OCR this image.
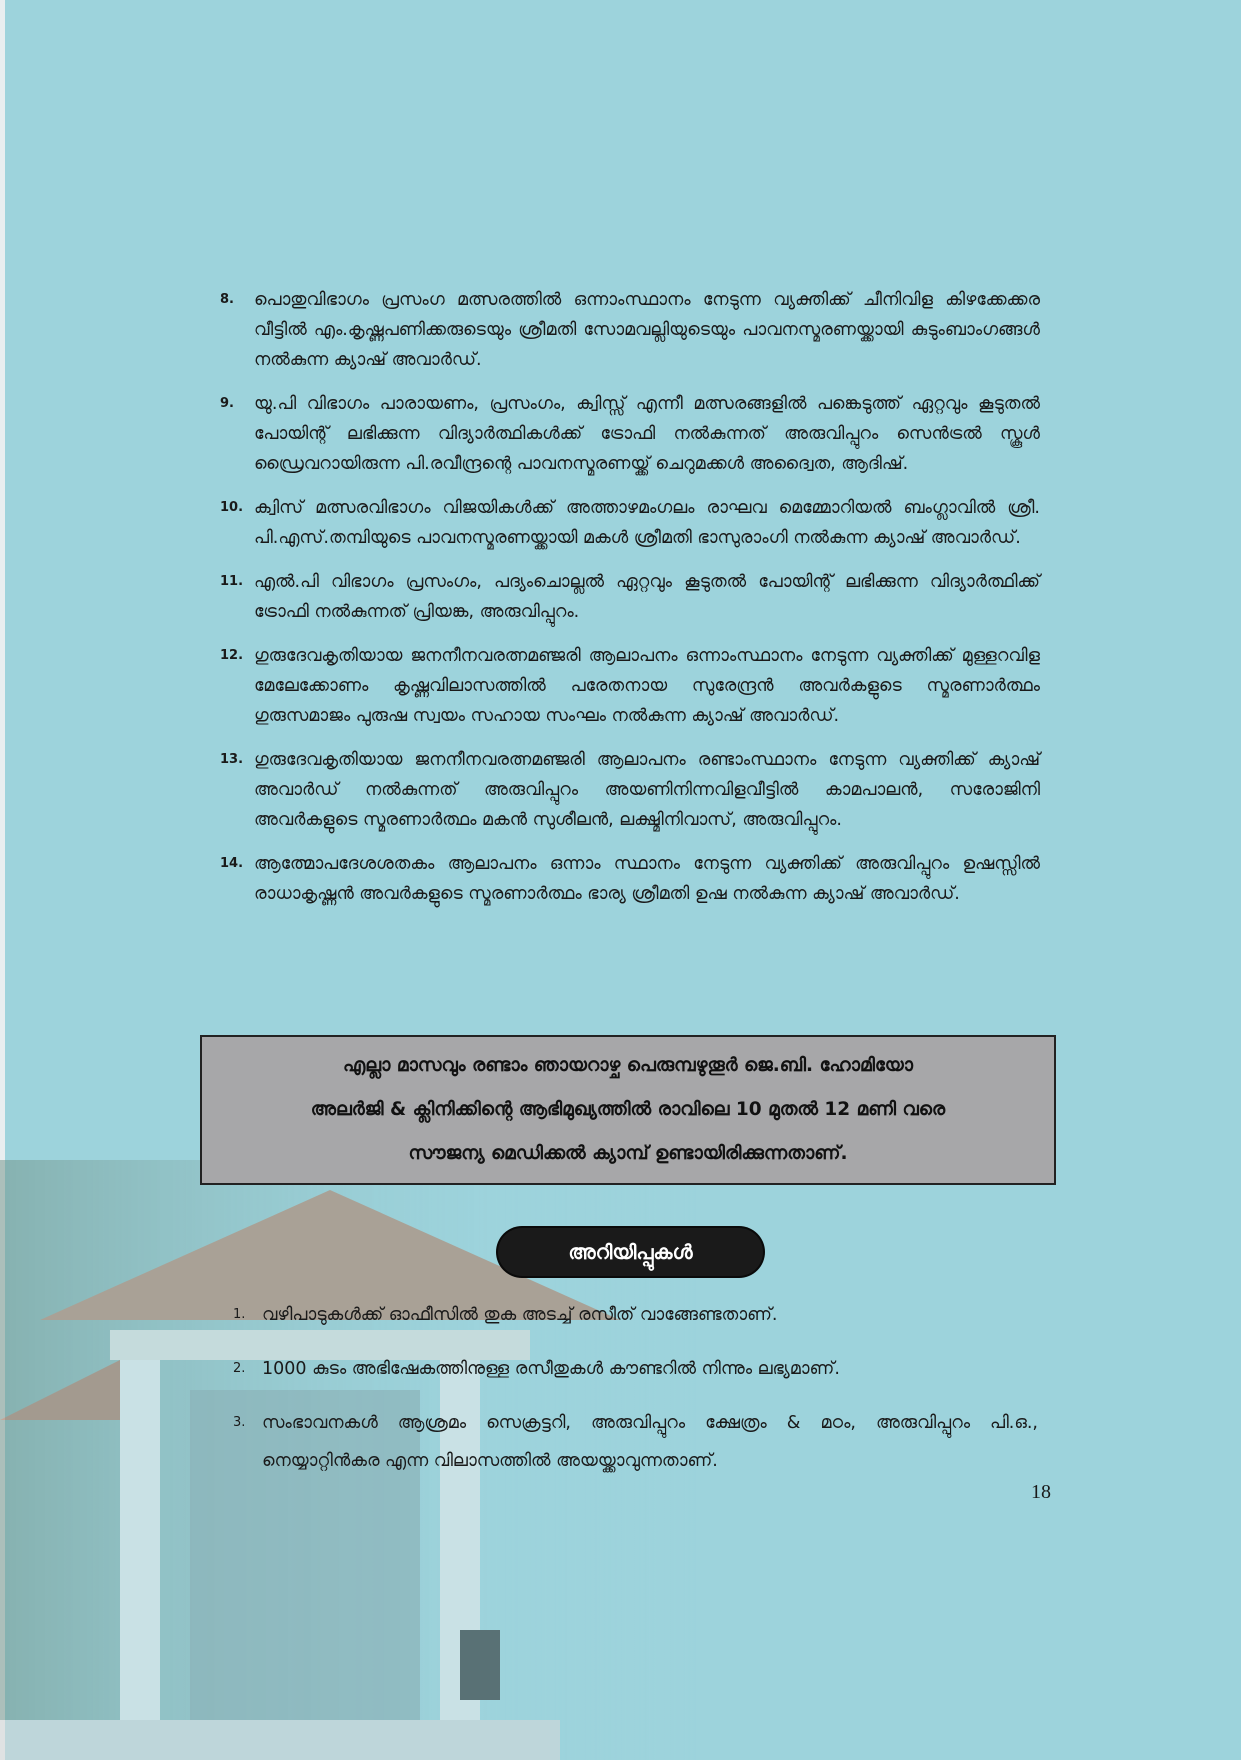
8. പൊതുവിഭാഗം പ്രസംഗ മത്സരത്തിൽ ഒന്നാംസ്ഥാനം നേടുന്ന വ്യക്തിക്ക് ചീനിവിള കിഴക്കേക്കര വീട്ടിൽ എം.കൃഷ്ണപണിക്കരുടെയും ശ്രീമതി സോമവല്ലിയുടെയും പാവനസ്മരണയ്ക്കായി കുടുംബാംഗങ്ങൾ നൽകുന്ന ക്യാഷ് അവാർഡ്.
9. യു.പി വിഭാഗം പാരായണം, പ്രസംഗം, ക്വിസ്സ് എന്നീ മത്സരങ്ങളിൽ പങ്കെടുത്ത് ഏറ്റവും കൂടുതൽ പോയിന്റ് ലഭിക്കുന്ന വിദ്യാർത്ഥികൾക്ക് ട്രോഫി നൽകുന്നത് അരുവിപ്പുറം സെൻട്രൽ സ്കൂൾ ഡ്രൈവറായിരുന്ന പി.രവീന്ദ്രന്റെ പാവനസ്മരണയ്ക്ക് ചെറുമക്കൾ അദ്വൈത, ആദിഷ്.
10. ക്വിസ് മത്സരവിഭാഗം വിജയികൾക്ക് അത്താഴമംഗലം രാഘവ മെമ്മോറിയൽ ബംഗ്ലാവിൽ ശ്രീ. പി.എസ്.തമ്പിയുടെ പാവനസ്മരണയ്ക്കായി മകൾ ശ്രീമതി ഭാസുരാംഗി നൽകുന്ന ക്യാഷ് അവാർഡ്.
11. എൽ.പി വിഭാഗം പ്രസംഗം, പദ്യംചൊല്ലൽ ഏറ്റവും കൂടുതൽ പോയിന്റ് ലഭിക്കുന്ന വിദ്യാർത്ഥിക്ക് ട്രോഫി നൽകുന്നത് പ്രിയങ്ക, അരുവിപ്പുറം.
12. ഗുരുദേവകൃതിയായ ജനനീനവരത്നമഞ്ജരി ആലാപനം ഒന്നാംസ്ഥാനം നേടുന്ന വ്യക്തിക്ക് മുള്ളറവിള മേലേക്കോണം കൃഷ്ണവിലാസത്തിൽ പരേതനായ സുരേന്ദ്രൻ അവർകളുടെ സ്മരണാർത്ഥം ഗുരുസമാജം പുരുഷ സ്വയം സഹായ സംഘം നൽകുന്ന ക്യാഷ് അവാർഡ്.
13. ഗുരുദേവകൃതിയായ ജനനീനവരത്നമഞ്ജരി ആലാപനം രണ്ടാംസ്ഥാനം നേടുന്ന വ്യക്തിക്ക് ക്യാഷ് അവാർഡ് നൽകുന്നത് അരുവിപ്പുറം അയണിനിന്നവിളവീട്ടിൽ കാമപാലൻ, സരോജിനി അവർകളുടെ സ്മരണാർത്ഥം മകൻ സുശീലൻ, ലക്ഷ്മിനിവാസ്, അരുവിപ്പുറം.
14. ആത്മോപദേശശതകം ആലാപനം ഒന്നാം സ്ഥാനം നേടുന്ന വ്യക്തിക്ക് അരുവിപ്പുറം ഉഷസ്സിൽ രാധാകൃഷ്ണൻ അവർകളുടെ സ്മരണാർത്ഥം ഭാര്യ ശ്രീമതി ഉഷ നൽകുന്ന ക്യാഷ് അവാർഡ്.

എല്ലാ മാസവും രണ്ടാം ഞായറാഴ്ച പെരുമ്പഴുതൂർ ജെ.ബി. ഹോമിയോ

അലർജി & ക്ലിനിക്കിന്റെ ആഭിമുഖ്യത്തിൽ രാവിലെ 10 മുതൽ 12 മണി വരെ

സൗജന്യ മെഡിക്കൽ ക്യാമ്പ് ഉണ്ടായിരിക്കുന്നതാണ്.

അറിയിപ്പുകൾ
1. വഴിപാടുകൾക്ക് ഓഫീസിൽ തുക അടച്ച് രസീത് വാങ്ങേണ്ടതാണ്.
2. 1000 കുടം അഭിഷേകത്തിനുള്ള രസീതുകൾ കൗണ്ടറിൽ നിന്നും ലഭ്യമാണ്.
3. സംഭാവനകൾ ആശ്രമം സെക്രട്ടറി, അരുവിപ്പുറം ക്ഷേത്രം & മഠം, അരുവിപ്പുറം പി.ഒ., നെയ്യാറ്റിൻകര എന്ന വിലാസത്തിൽ അയയ്ക്കാവുന്നതാണ്.
18
